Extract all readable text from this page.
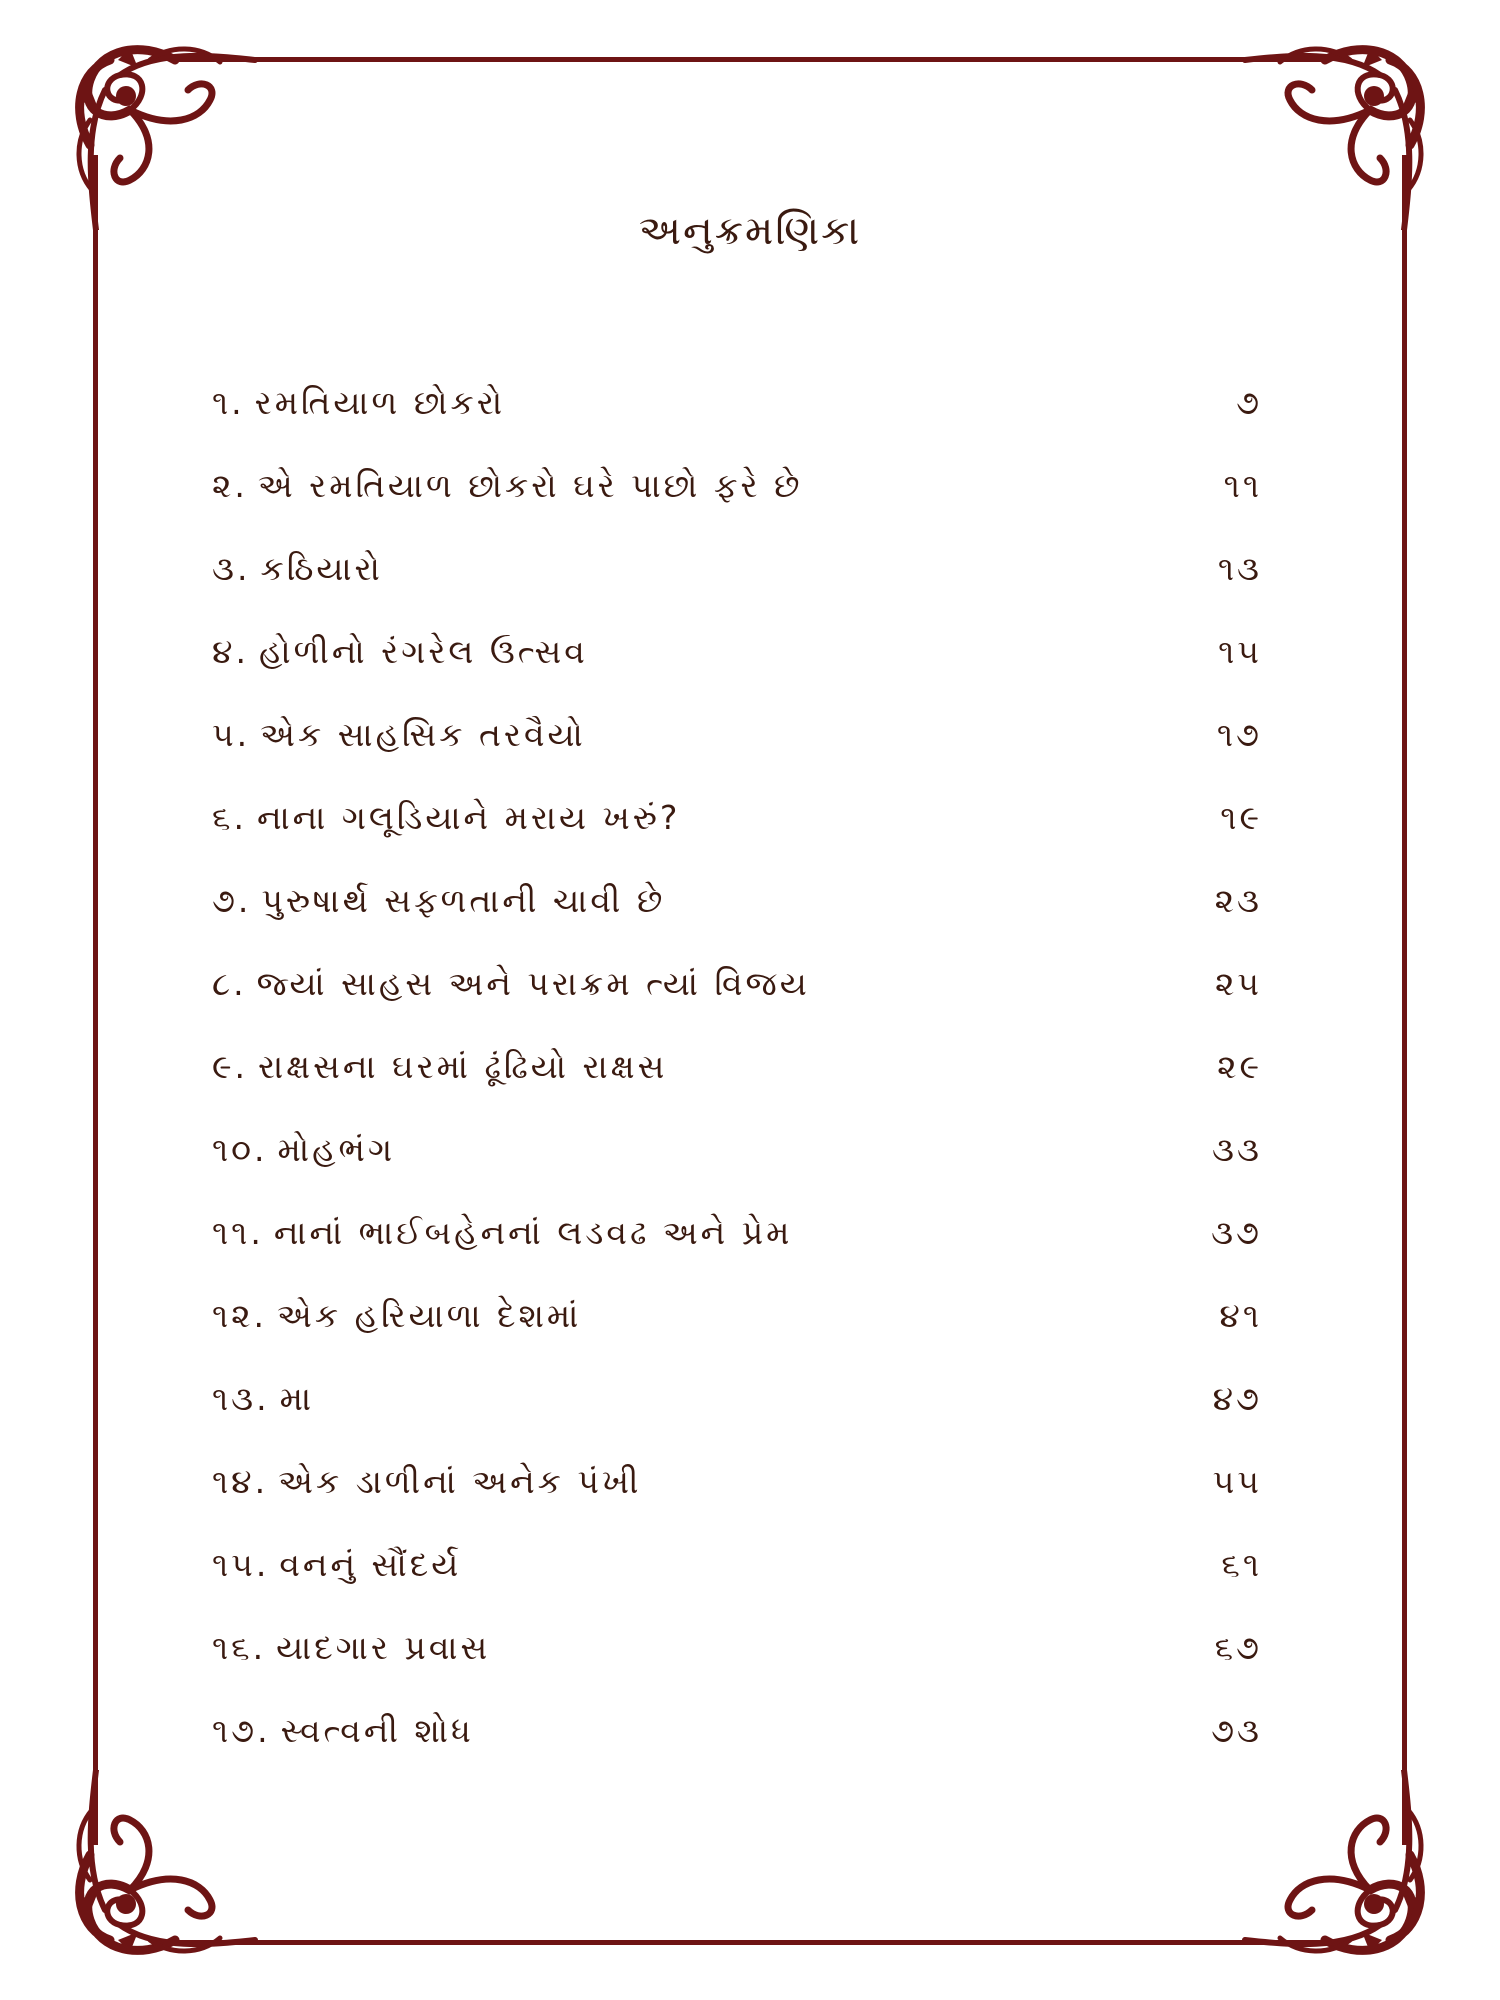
અનુક્રમણિકા
૧. રમતિયાળ છોકરો	૭
૨. એ રમતિયાળ છોકરો ઘરે પાછો ફરે છે	૧૧
૩. કઠિયારો	૧૩
૪. હોળીનો રંગરેલ ઉત્સવ	૧૫
૫. એક સાહસિક તરવૈયો	૧૭
૬. નાના ગલૂડિયાને મરાય ખરું?	૧૯
૭. પુરુષાર્થ સફળતાની ચાવી છે	૨૩
૮. જ્યાં સાહસ અને પરાક્રમ ત્યાં વિજય	૨૫
૯. રાક્ષસના ઘરમાં ઢૂંઢિયો રાક્ષસ	૨૯
૧૦. મોહભંગ	૩૩
૧૧. નાનાં ભાઈબહેનનાં લડવઢ અને પ્રેમ	૩૭
૧૨. એક હરિયાળા દેશમાં	૪૧
૧૩. મા	૪૭
૧૪. એક ડાળીનાં અનેક પંખી	૫૫
૧૫. વનનું સૌંદર્ય	૬૧
૧૬. યાદગાર પ્રવાસ	૬૭
૧૭. સ્વત્વની શોધ	૭૩
